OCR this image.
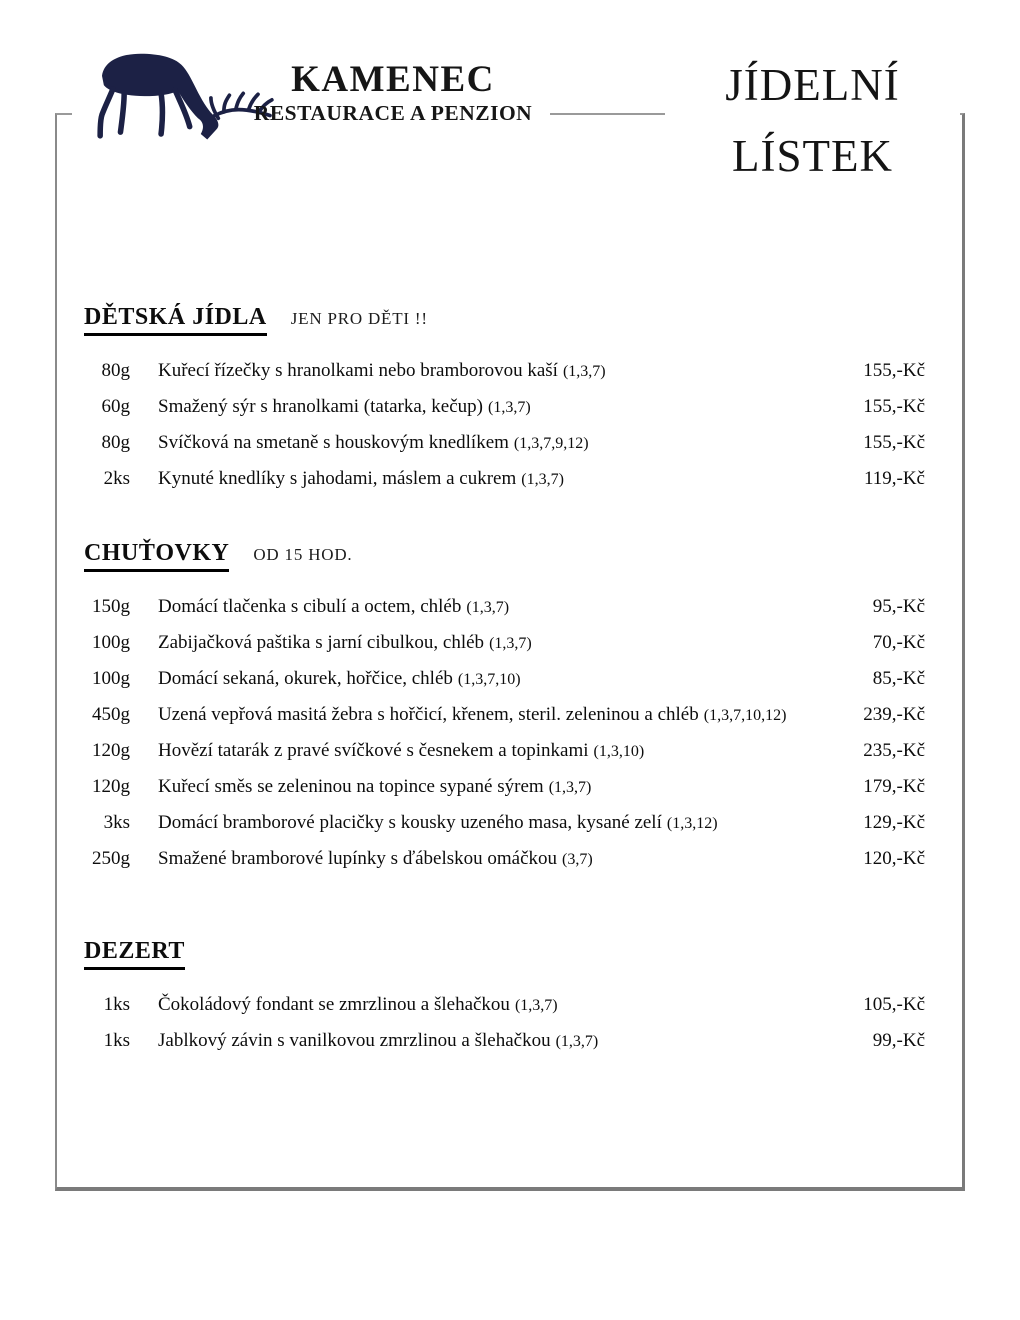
KAMENEC
RESTAURACE A PENZION
JÍDELNÍ
LÍSTEK
DĚTSKÁ JÍDLA JEN PRO DĚTI !!
80g Kuřecí řízečky s hranolkami nebo bramborovou kaší (1,3,7)	155,-Kč
60g Smažený sýr s hranolkami (tatarka, kečup) (1,3,7)	155,-Kč
80g Svíčková na smetaně s houskovým knedlíkem (1,3,7,9,12)	155,-Kč
2ks Kynuté knedlíky s jahodami, máslem a cukrem (1,3,7)	119,-Kč
CHUŤOVKY OD 15 HOD.
150g Domácí tlačenka s cibulí a octem, chléb (1,3,7)	95,-Kč
100g Zabijačková paštika s jarní cibulkou, chléb (1,3,7)	70,-Kč
100g Domácí sekaná, okurek, hořčice, chléb (1,3,7,10)	85,-Kč
450g Uzená vepřová masitá žebra s hořčicí, křenem, steril. zeleninou a chléb (1,3,7,10,12)	239,-Kč
120g Hovězí tatarák z pravé svíčkové s česnekem a topinkami (1,3,10)	235,-Kč
120g Kuřecí směs se zeleninou na topince sypané sýrem (1,3,7)	179,-Kč
3ks Domácí bramborové placičky s kousky uzeného masa, kysané zelí (1,3,12)	129,-Kč
250g Smažené bramborové lupínky s ďábelskou omáčkou (3,7)	120,-Kč
DEZERT
1ks Čokoládový fondant se zmrzlinou a šlehačkou (1,3,7)	105,-Kč
1ks Jablkový závin s vanilkovou zmrzlinou a šlehačkou (1,3,7)	99,-Kč
